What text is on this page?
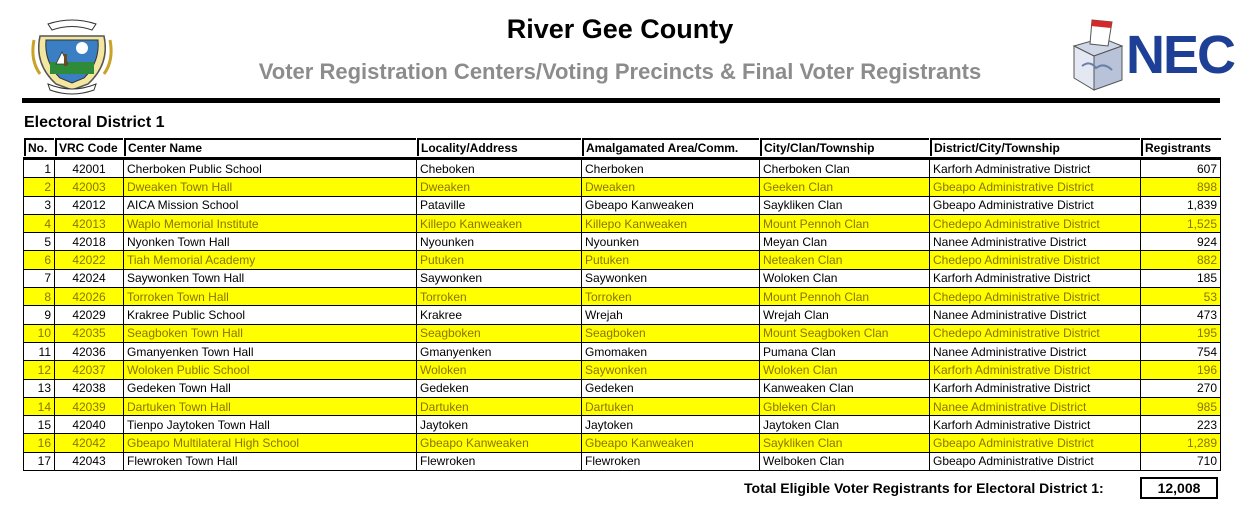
River Gee County
Voter Registration Centers/Voting Precincts & Final Voter Registrants	NEC
Electoral District 1
No.	VRC Code	Center Name	Locality/Address	Amalgamated Area/Comm.	City/Clan/Township	District/City/Township	Registrants

1	42001	Cherboken Public School	Cheboken	Cherboken	Cherboken Clan	Karforh Administrative District	607
2	42003	Dweaken Town Hall	Dweaken	Dweaken	Geeken Clan	Gbeapo Administrative District	898
3	42012	AICA Mission School	Pataville	Gbeapo Kanweaken	Saykliken Clan	Gbeapo Administrative District	1,839
4	42013	Waplo Memorial Institute	Killepo Kanweaken	Killepo Kanweaken	Mount Pennoh Clan	Chedepo Administrative District	1,525
5	42018	Nyonken Town Hall	Nyounken	Nyounken	Meyan Clan	Nanee Administrative District	924
6	42022	Tiah Memorial Academy	Putuken	Putuken	Neteaken Clan	Chedepo Administrative District	882
7	42024	Saywonken Town Hall	Saywonken	Saywonken	Woloken Clan	Karforh Administrative District	185
8	42026	Torroken Town Hall	Torroken	Torroken	Mount Pennoh Clan	Chedepo Administrative District	53
9	42029	Krakree Public School	Krakree	Wrejah	Wrejah Clan	Nanee Administrative District	473
10	42035	Seagboken Town Hall	Seagboken	Seagboken	Mount Seagboken Clan	Chedepo Administrative District	195
11	42036	Gmanyenken Town Hall	Gmanyenken	Gmomaken	Pumana Clan	Nanee Administrative District	754
12	42037	Woloken Public School	Woloken	Saywonken	Woloken Clan	Karforh Administrative District	196
13	42038	Gedeken Town Hall	Gedeken	Gedeken	Kanweaken Clan	Karforh Administrative District	270
14	42039	Dartuken Town Hall	Dartuken	Dartuken	Gbleken Clan	Nanee Administrative District	985
15	42040	Tienpo Jaytoken Town Hall	Jaytoken	Jaytoken	Jaytoken Clan	Karforh Administrative District	223
16	42042	Gbeapo Multilateral High School	Gbeapo Kanweaken	Gbeapo Kanweaken	Saykliken Clan	Gbeapo Administrative District	1,289
17	42043	Flewroken Town Hall	Flewroken	Flewroken	Welboken Clan	Gbeapo Administrative District	710
Total Eligible Voter Registrants for Electoral District 1:	12,008
